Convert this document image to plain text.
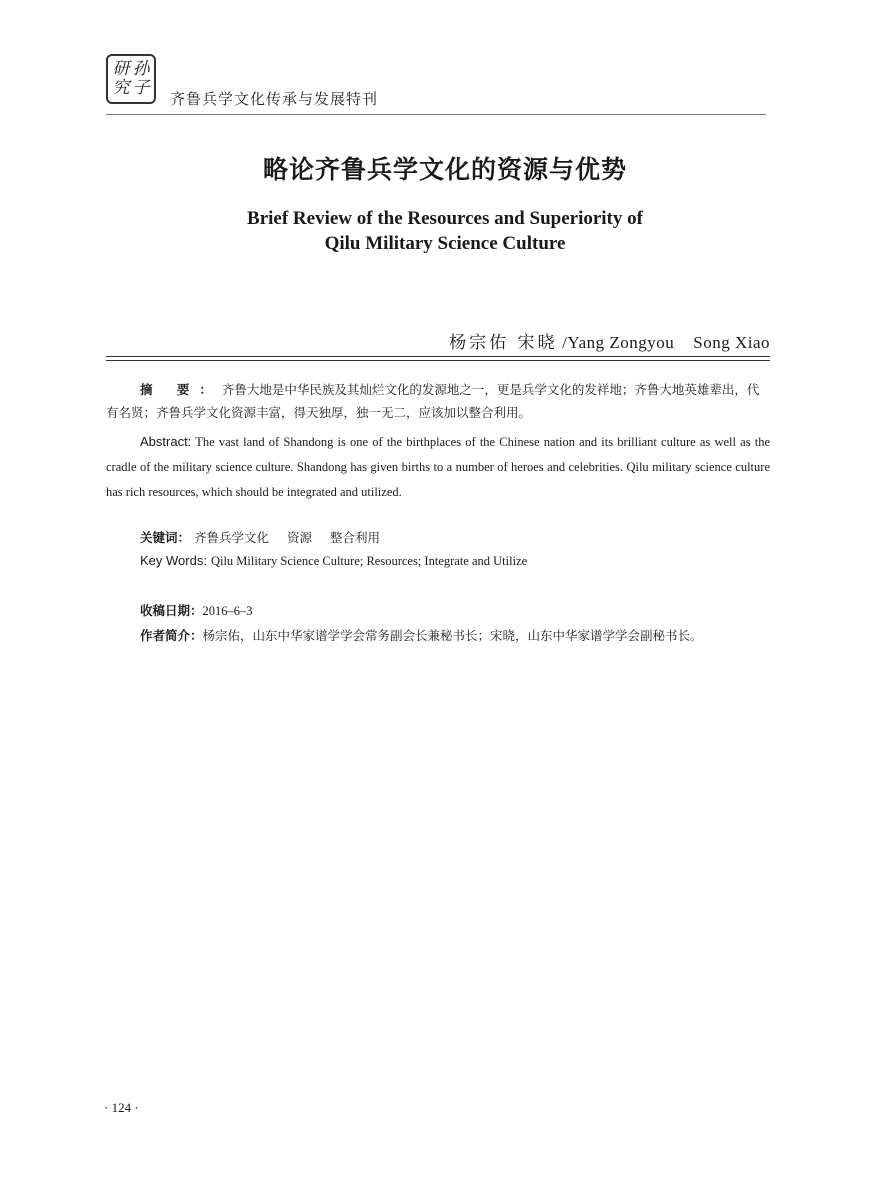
研 孙
究 子
齐鲁兵学文化传承与发展特刊
略论齐鲁兵学文化的资源与优势
Brief Review of the Resources and Superiority of
Qilu Military Science Culture
杨宗佑 宋晓 /Yang Zongyou    Song Xiao
摘 要：齐鲁大地是中华民族及其灿烂文化的发源地之一，更是兵学文化的发祥地；齐鲁大地英雄辈出，代有名贤；齐鲁兵学文化资源丰富，得天独厚，独一无二，应该加以整合利用。
Abstract: The vast land of Shandong is one of the birthplaces of the Chinese nation and its brilliant culture as well as the cradle of the military science culture. Shandong has given births to a number of heroes and celebrities. Qilu military science culture has rich resources, which should be integrated and utilized.
关键词： 齐鲁兵学文化 资源 整合利用
Key Words: Qilu Military Science Culture; Resources; Integrate and Utilize
收稿日期：2016–6–3
作者简介：杨宗佑，山东中华家谱学学会常务副会长兼秘书长；宋晓，山东中华家谱学学会副秘书长。
· 124 ·
